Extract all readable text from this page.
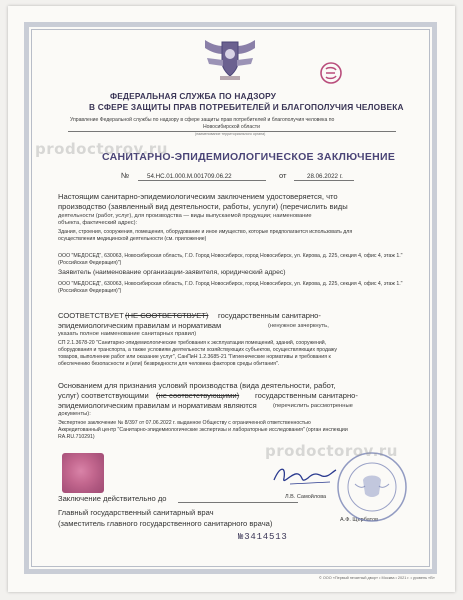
ФЕДЕРАЛЬНАЯ СЛУЖБА ПО НАДЗОРУ

В СФЕРЕ ЗАЩИТЫ ПРАВ ПОТРЕБИТЕЛЕЙ И БЛАГОПОЛУЧИЯ ЧЕЛОВЕКА

Управление Федеральной службы по надзору в сфере защиты прав потребителей и благополучия человека по

Новосибирской области

(наименование территориального органа)

САНИТАРНО-ЭПИДЕМИОЛОГИЧЕСКОЕ ЗАКЛЮЧЕНИЕ

№	54.НС.01.000.М.001709.06.22	от	28.06.2022 г.

Настоящим санитарно-эпидемиологическим заключением удостоверяется, что

производство (заявленный вид деятельности, работы, услуги) (перечислить виды

деятельности (работ, услуг), для производства — виды выпускаемой продукции; наименование

объекта, фактический адрес):

Здания, строения, сооружения, помещения, оборудование и иное имущество, которые предполагается использовать для

осуществления медицинской деятельности (см. приложение)

ООО "МЕДОСЕД", 630063, Новосибирская область, Г.О. Город Новосибирск, город Новосибирск, ул. Кирова, д. 225, секция 4, офис 4, этаж 1." (Российская Федерация)")

Заявитель (наименование организации-заявителя, юридический адрес)

ООО "МЕДОСЕД", 630063, Новосибирская область, Г.О. Город Новосибирск, город Новосибирск, ул. Кирова, д. 225, секция 4, офис 4, этаж 1." (Российская Федерация)")

СООТВЕТСТВУЕТ (НЕ СООТВЕТСТВУЕТ) государственным санитарно-

эпидемиологическим правилам и нормативам	(ненужное зачеркнуть,

указать полное наименование санитарных правил)

СП 2.1.3678-20 "Санитарно-эпидемиологические требования к эксплуатации помещений, зданий, сооружений,

оборудования и транспорта, а также условиям деятельности хозяйствующих субъектов, осуществляющих продажу

товаров, выполнение работ или оказание услуг", СанПиН 1.2.3685-21 "Гигиенические нормативы и требования к

обеспечению безопасности и (или) безвредности для человека факторов среды обитания".

Основанием для признания условий производства (вида деятельности, работ,

услуг) соответствующими (не соответствующими) государственным санитарно-

эпидемиологическим правилам и нормативам являются	(перечислить рассмотренные

документы):

Экспертное заключение № 8/397 от 07.06.2022 г. выданное Обществу с ограниченной ответственностью

Аккредитованный центр "Санитарно-эпидемиологические экспертизы и лабораторные исследования" (орган инспекции

RA.RU.710291)

Заключение действительно до

Главный государственный санитарный врач

(заместитель главного государственного санитарного врача)

Л.В. Самойлова

А.Ф. Щербатов

№3414513

© ООО «Первый печатный двор» • Москва • 2021 г. • уровень «В»

prodoctorov.ru
prodoctorov.ru
